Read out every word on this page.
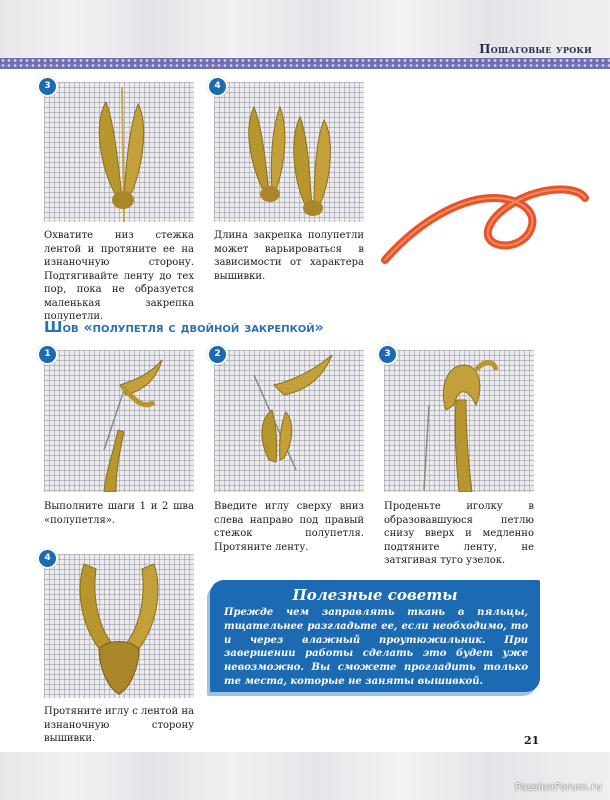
Пошаговые уроки
3

Охватите низ стежка лентой и протяните ее на изнаночную сторону. Подтягивайте ленту до тех пор, пока не образуется маленькая закрепка полупетли.

4

Длина закрепка полупетли может варьироваться в зависимости от характера вышивки.

Шов «полупетля с двойной закрепкой»
1

Выполните шаги 1 и 2 шва «полупетля».

2

Введите иглу сверху вниз слева направо под правый стежок полупетля. Протяните ленту.

3

Проденьте иголку в образовавшуюся петлю снизу вверх и медленно подтяните ленту, не затягивая туго узелок.

4

Протяните иглу с лентой на изнаночную сторону вышивки.

Полезные советы

Прежде чем заправлять ткань в пяльцы, тщательнее разгладьте ее, если необходимо, то и через влажный проутюжильник. При завершении работы сделать это будет уже невозможно. Вы сможете прогладить только те места, которые не заняты вышивкой.

21
PassionForum.ru
